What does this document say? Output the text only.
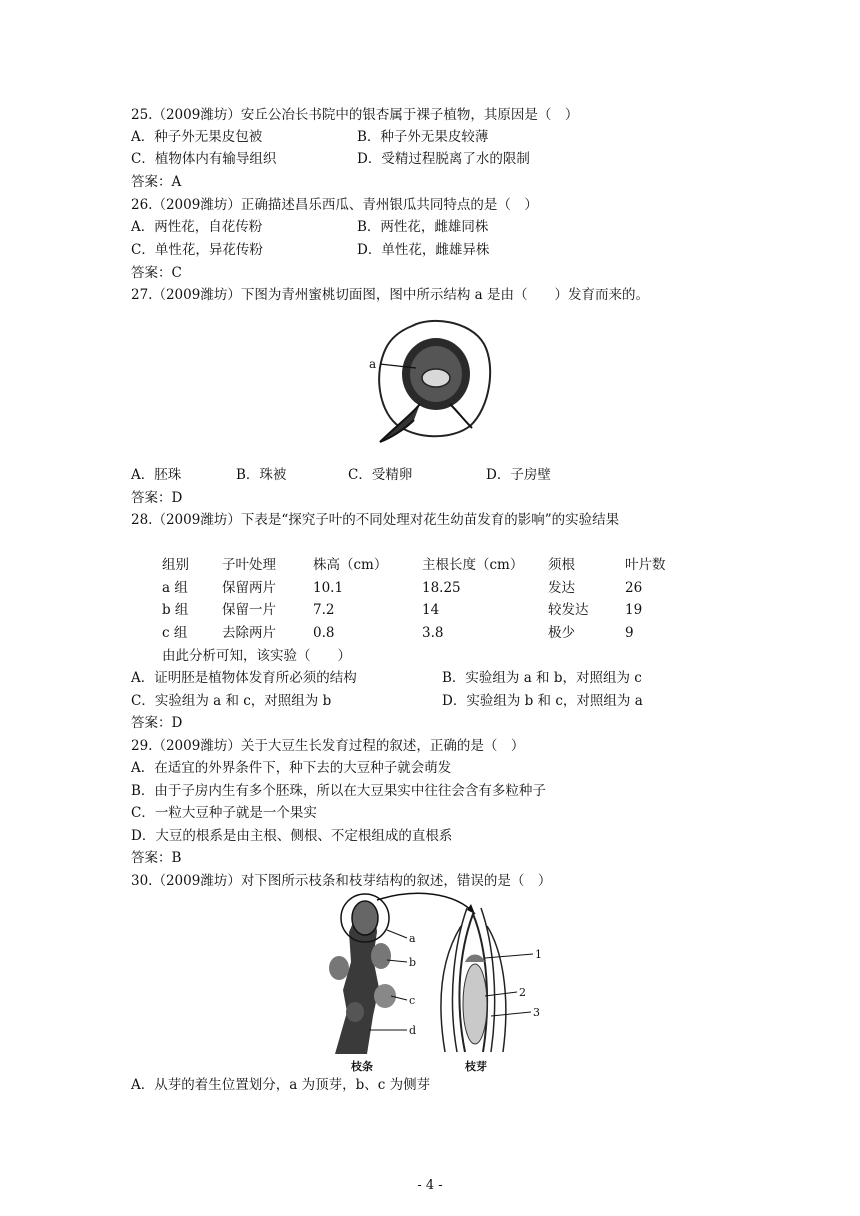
25.（2009潍坊）安丘公冶长书院中的银杏属于裸子植物，其原因是（　）
A．种子外无果皮包被	B．种子外无果皮较薄
C．植物体内有输导组织	D．受精过程脱离了水的限制
答案：A
26.（2009潍坊）正确描述昌乐西瓜、青州银瓜共同特点的是（　）
A．两性花，自花传粉	B．两性花，雌雄同株
C．单性花，异花传粉	D．单性花，雌雄异株
答案：C
27.（2009潍坊）下图为青州蜜桃切面图，图中所示结构 a 是由（　　）发育而来的。
a
A．胚珠	B．珠被	C．受精卵	D．子房壁
答案：D
28.（2009潍坊）下表是“探究子叶的不同处理对花生幼苗发育的影响”的实验结果
组别 子叶处理	株高（cm）	主根长度（cm） 须根	叶片数
a 组	保留两片	10.1	18.25	发达	26
b 组 保留一片	7.2	14	较发达	19
c 组	去除两片	0.8	3.8	极少	9
由此分析可知，该实验（　　）
A．证明胚是植物体发育所必须的结构	B．实验组为 a 和 b，对照组为 c
C．实验组为 a 和 c，对照组为 b	D．实验组为 b 和 c，对照组为 a
答案：D
29.（2009潍坊）关于大豆生长发育过程的叙述，正确的是（　）
A．在适宜的外界条件下，种下去的大豆种子就会萌发
B．由于子房内生有多个胚珠，所以在大豆果实中往往会含有多粒种子
C．一粒大豆种子就是一个果实
D．大豆的根系是由主根、侧根、不定根组成的直根系
答案：B
30.（2009潍坊）对下图所示枝条和枝芽结构的叙述，错误的是（　）
a
b
c
d
1
2
3
枝条	枝芽
A．从芽的着生位置划分，a 为顶芽，b、c 为侧芽
- 4 -
